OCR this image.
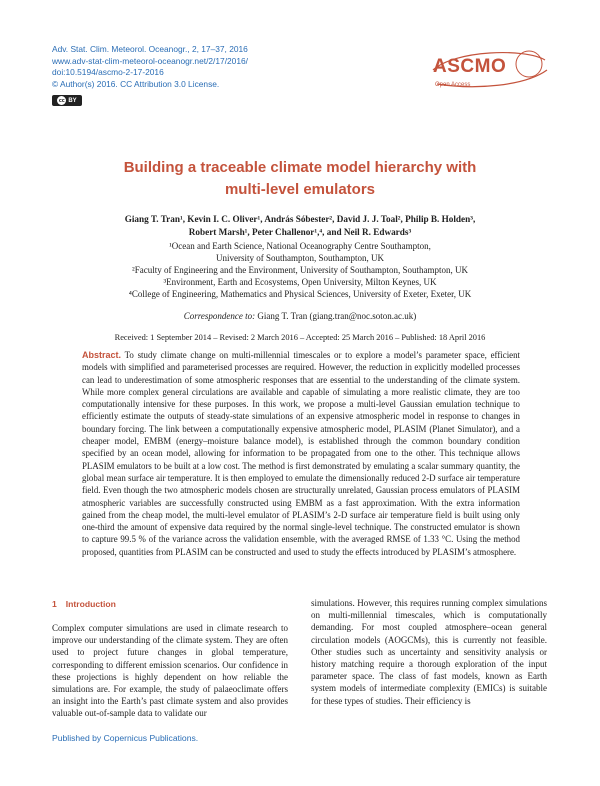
Adv. Stat. Clim. Meteorol. Oceanogr., 2, 17–37, 2016
www.adv-stat-clim-meteorol-oceanogr.net/2/17/2016/
doi:10.5194/ascmo-2-17-2016
© Author(s) 2016. CC Attribution 3.0 License.
cc BY
ASCMO
Open Access
Building a traceable climate model hierarchy with
multi-level emulators
Giang T. Tran¹, Kevin I. C. Oliver¹, András Sóbester², David J. J. Toal², Philip B. Holden³,
Robert Marsh¹, Peter Challenor¹,⁴, and Neil R. Edwards³
¹Ocean and Earth Science, National Oceanography Centre Southampton,
University of Southampton, Southampton, UK
²Faculty of Engineering and the Environment, University of Southampton, Southampton, UK
³Environment, Earth and Ecosystems, Open University, Milton Keynes, UK
⁴College of Engineering, Mathematics and Physical Sciences, University of Exeter, Exeter, UK
Correspondence to: Giang T. Tran (giang.tran@noc.soton.ac.uk)
Received: 1 September 2014 – Revised: 2 March 2016 – Accepted: 25 March 2016 – Published: 18 April 2016

Abstract. To study climate change on multi-millennial timescales or to explore a model’s parameter space, efficient models with simplified and parameterised processes are required. However, the reduction in explicitly modelled processes can lead to underestimation of some atmospheric responses that are essential to the understanding of the climate system. While more complex general circulations are available and capable of simulating a more realistic climate, they are too computationally intensive for these purposes. In this work, we propose a multi-level Gaussian emulation technique to efficiently estimate the outputs of steady-state simulations of an expensive atmospheric model in response to changes in boundary forcing. The link between a computationally expensive atmospheric model, PLASIM (Planet Simulator), and a cheaper model, EMBM (energy–moisture balance model), is established through the common boundary condition specified by an ocean model, allowing for information to be propagated from one to the other. This technique allows PLASIM emulators to be built at a low cost. The method is first demonstrated by emulating a scalar summary quantity, the global mean surface air temperature. It is then employed to emulate the dimensionally reduced 2-D surface air temperature field. Even though the two atmospheric models chosen are structurally unrelated, Gaussian process emulators of PLASIM atmospheric variables are successfully constructed using EMBM as a fast approximation. With the extra information gained from the cheap model, the multi-level emulator of PLASIM’s 2-D surface air temperature field is built using only one-third the amount of expensive data required by the normal single-level technique. The constructed emulator is shown to capture 99.5 % of the variance across the validation ensemble, with the averaged RMSE of 1.33 °C. Using the method proposed, quantities from PLASIM can be constructed and used to study the effects introduced by PLASIM’s atmosphere.

1 Introduction

Complex computer simulations are used in climate research to improve our understanding of the climate system. They are often used to project future changes in global temperature, corresponding to different emission scenarios. Our confidence in these projections is highly dependent on how reliable the simulations are. For example, the study of palaeoclimate offers an insight into the Earth’s past climate system and also provides valuable out-of-sample data to validate our

simulations. However, this requires running complex simulations on multi-millennial timescales, which is computationally demanding. For most coupled atmosphere–ocean general circulation models (AOGCMs), this is currently not feasible. Other studies such as uncertainty and sensitivity analysis or history matching require a thorough exploration of the input parameter space. The class of fast models, known as Earth system models of intermediate complexity (EMICs) is suitable for these types of studies. Their efficiency is

Published by Copernicus Publications.
